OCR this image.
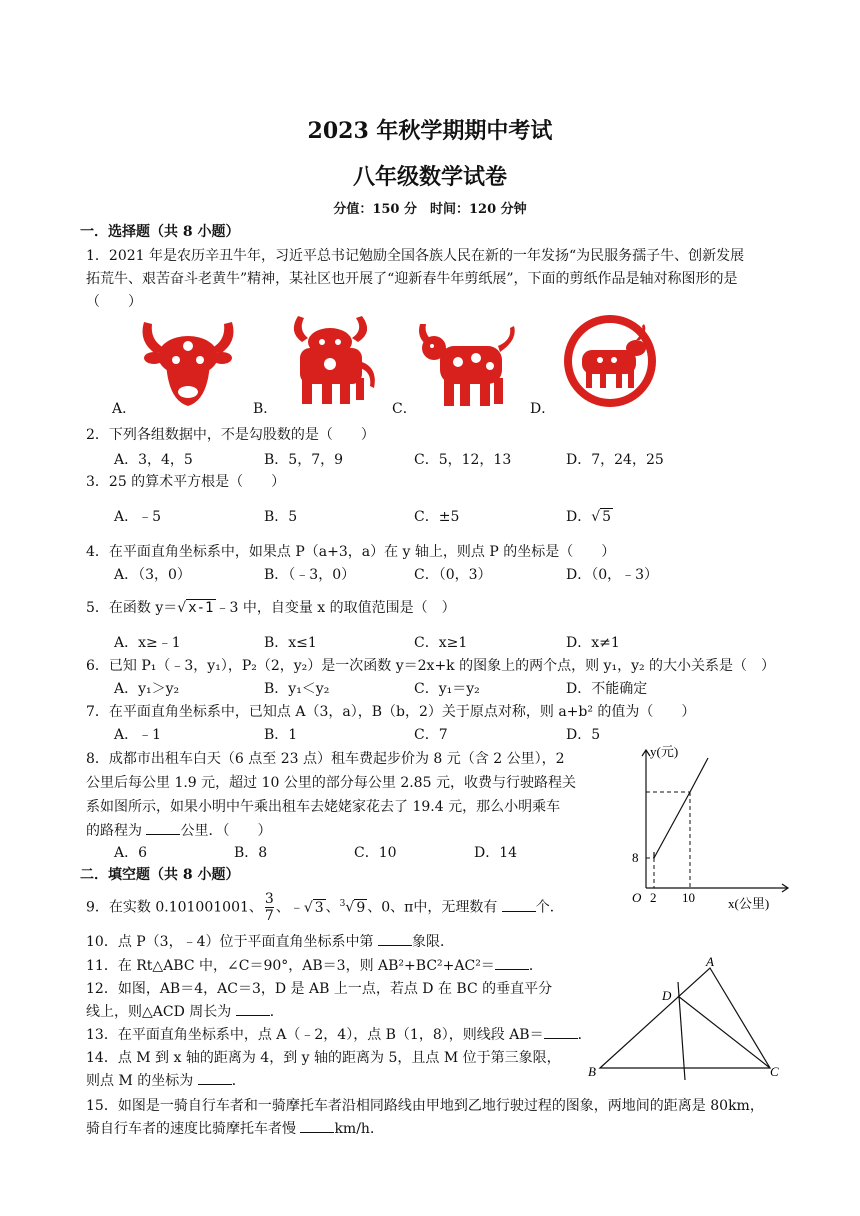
2023 年秋学期期中考试
八年级数学试卷
分值：150 分　时间：120 分钟
一．选择题（共 8 小题）
1．2021 年是农历辛丑牛年，习近平总书记勉励全国各族人民在新的一年发扬“为民服务孺子牛、创新发展
拓荒牛、艰苦奋斗老黄牛”精神，某社区也开展了“迎新春牛年剪纸展”，下面的剪纸作品是轴对称图形的是
（　　）
A．	B．	C．	D．
2．下列各组数据中，不是勾股数的是（　　）
A．3，4，5	B．5，7，9	C．5，12，13	D．7，24，25
3．25 的算术平方根是（　　）
A．﹣5	B．5	C．±5	D．√ 5
4．在平面直角坐标系中，如果点 P（a+3，a）在 y 轴上，则点 P 的坐标是（　　）
A．（3，0）	B．（﹣3，0）	C．（0，3）	D．（0，﹣3）
5．在函数 y＝√ x-1 ﹣3 中，自变量 x 的取值范围是（　）
A．x≥﹣1	B．x≤1	C．x≥1	D．x≠1
6．已知 P₁（﹣3，y₁），P₂（2，y₂）是一次函数 y＝2x+k 的图象上的两个点，则 y₁，y₂ 的大小关系是（　）
A．y₁＞y₂	B．y₁＜y₂	C．y₁＝y₂	D．不能确定
7．在平面直角坐标系中，已知点 A（3，a），B（b，2）关于原点对称，则 a+b² 的值为（　　）
A．﹣1	B．1	C．7	D．5
8．成都市出租车白天（6 点至 23 点）租车费起步价为 8 元（含 2 公里），2
公里后每公里 1.9 元，超过 10 公里的部分每公里 2.85 元，收费与行驶路程关
系如图所示，如果小明中午乘出租车去姥姥家花去了 19.4 元，那么小明乘车
的路程为 公里．（　　）
A．6	B．8	C．10	D．14
y(元)
x(公里)
O
8
2 10
二．填空题（共 8 小题）
9．在实数 0.101001001、 $\frac{3}{7}$ 、﹣√ 3 、$^3$√ 9 、0、π中，无理数有 个．
10．点 P（3，﹣4）位于平面直角坐标系中第 象限．
11．在 Rt△ABC 中，∠C＝90°，AB＝3，则 AB²+BC²+AC²＝ ．
12．如图，AB＝4，AC＝3，D 是 AB 上一点，若点 D 在 BC 的垂直平分
线上，则△ACD 周长为 ．
A
B	C
D
13．在平面直角坐标系中，点 A（﹣2，4），点 B（1，8），则线段 AB＝ ．
14．点 M 到 x 轴的距离为 4，到 y 轴的距离为 5，且点 M 位于第三象限，
则点 M 的坐标为 ．
15．如图是一骑自行车者和一骑摩托车者沿相同路线由甲地到乙地行驶过程的图象，两地间的距离是 80km，
骑自行车者的速度比骑摩托车者慢 km/h．
